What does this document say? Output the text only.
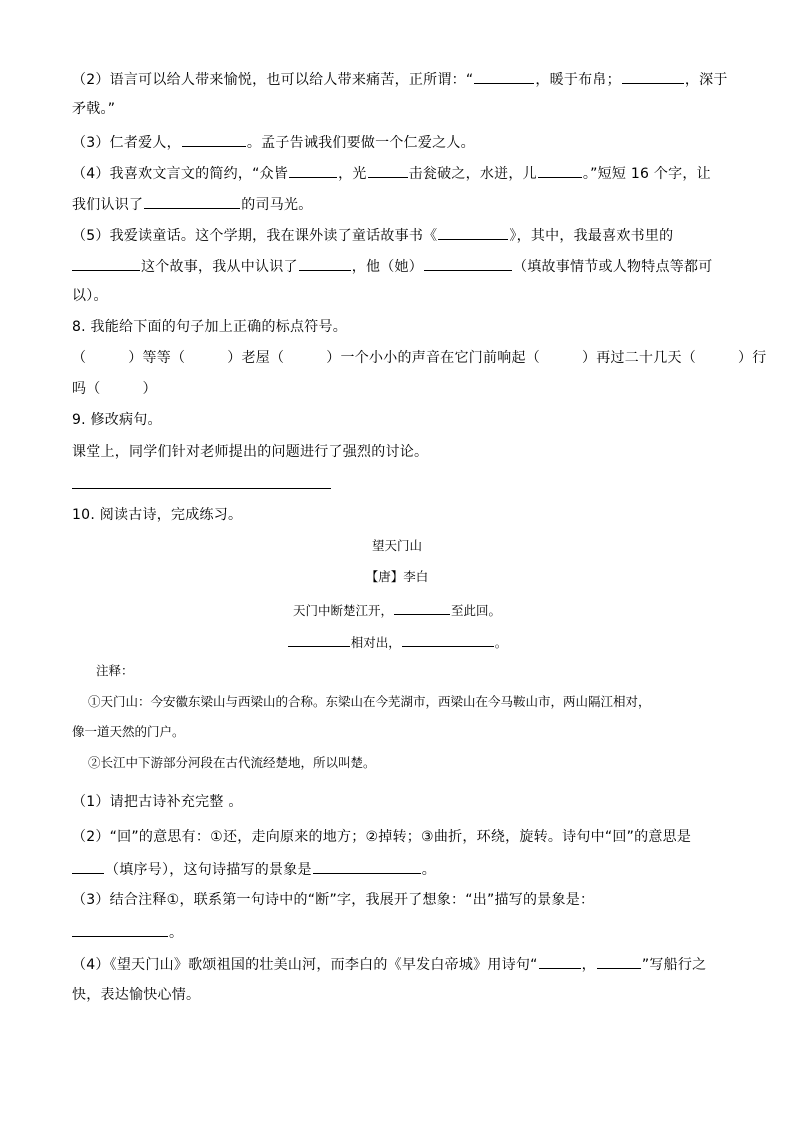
（2）语言可以给人带来愉悦，也可以给人带来痛苦，正所谓：“	，暖于布帛；	，深于
矛戟。”
（3）仁者爱人，	。孟子告诫我们要做一个仁爱之人。
（4）我喜欢文言文的简约，“众皆	，光	击瓮破之，水迸，儿	。”短短 16 个字，让
我们认识了	的司马光。
（5）我爱读童话。这个学期，我在课外读了童话故事书《	》，其中，我最喜欢书里的
这个故事，我从中认识了	，他（她）	（填故事情节或人物特点等都可
以）。
8. 我能给下面的句子加上正确的标点符号。
（	）等等（	）老屋（	）一个小小的声音在它门前响起（	）再过二十几天（	）行
吗（	）
9. 修改病句。
课堂上，同学们针对老师提出的问题进行了强烈的讨论。
10. 阅读古诗，完成练习。
望天门山
【唐】李白
天门中断楚江开，	至此回。
相对出，	。
注释：
①天门山：今安徽东梁山与西梁山的合称。东梁山在今芜湖市，西梁山在今马鞍山市，两山隔江相对，
像一道天然的门户。
②长江中下游部分河段在古代流经楚地，所以叫楚。
（1）请把古诗补充完整 。
（2）“回”的意思有：①还，走向原来的地方；②掉转；③曲折，环绕，旋转。诗句中“回”的意思是
（填序号），这句诗描写的景象是	。
（3）结合注释①，联系第一句诗中的“断”字，我展开了想象：“出”描写的景象是：
。
（4）《望天门山》歌颂祖国的壮美山河，而李白的《早发白帝城》用诗句“	，	”写船行之
快，表达愉快心情。
